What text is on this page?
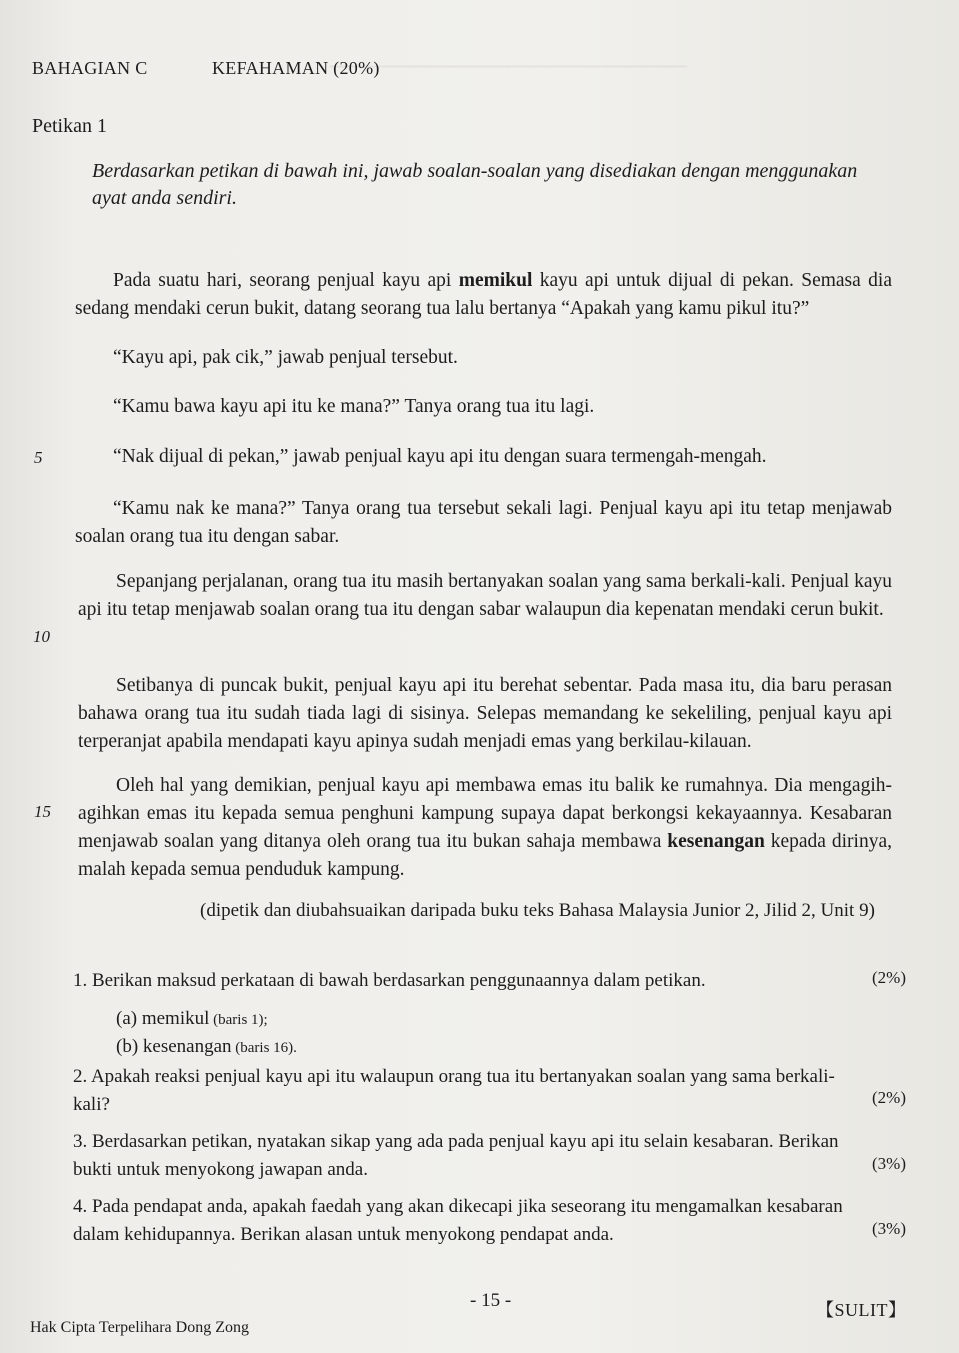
──────────────────
BAHAGIAN C	KEFAHAMAN (20%)
Petikan 1
Berdasarkan petikan di bawah ini, jawab soalan-soalan yang disediakan dengan menggunakan ayat anda sendiri.
Pada suatu hari, seorang penjual kayu api memikul kayu api untuk dijual di pekan. Semasa dia sedang mendaki cerun bukit, datang seorang tua lalu bertanya “Apakah yang kamu pikul itu?”
“Kayu api, pak cik,” jawab penjual tersebut.
“Kamu bawa kayu api itu ke mana?” Tanya orang tua itu lagi.
5	“Nak dijual di pekan,” jawab penjual kayu api itu dengan suara termengah-mengah.
“Kamu nak ke mana?” Tanya orang tua tersebut sekali lagi. Penjual kayu api itu tetap menjawab soalan orang tua itu dengan sabar.
Sepanjang perjalanan, orang tua itu masih bertanyakan soalan yang sama berkali-kali. Penjual kayu api itu tetap menjawab soalan orang tua itu dengan sabar walaupun dia kepenatan mendaki cerun bukit.
10
Setibanya di puncak bukit, penjual kayu api itu berehat sebentar. Pada masa itu, dia baru perasan bahawa orang tua itu sudah tiada lagi di sisinya. Selepas memandang ke sekeliling, penjual kayu api terperanjat apabila mendapati kayu apinya sudah menjadi emas yang berkilau-kilauan.
Oleh hal yang demikian, penjual kayu api membawa emas itu balik ke rumahnya. Dia mengagih-agihkan emas itu kepada semua penghuni kampung supaya dapat berkongsi kekayaannya. Kesabaran menjawab soalan yang ditanya oleh orang tua itu bukan sahaja membawa kesenangan kepada dirinya, malah kepada semua penduduk kampung.
15
(dipetik dan diubahsuaikan daripada buku teks Bahasa Malaysia Junior 2, Jilid 2, Unit 9)
1. Berikan maksud perkataan di bawah berdasarkan penggunaannya dalam petikan.	(2%)
(a) memikul (baris 1);
(b) kesenangan (baris 16).
2. Apakah reaksi penjual kayu api itu walaupun orang tua itu bertanyakan soalan yang sama berkali-kali?	(2%)
3. Berdasarkan petikan, nyatakan sikap yang ada pada penjual kayu api itu selain kesabaran. Berikan bukti untuk menyokong jawapan anda.	(3%)
4. Pada pendapat anda, apakah faedah yang akan dikecapi jika seseorang itu mengamalkan kesabaran dalam kehidupannya. Berikan alasan untuk menyokong pendapat anda.	(3%)
- 15 -	【SULIT】
Hak Cipta Terpelihara Dong Zong
